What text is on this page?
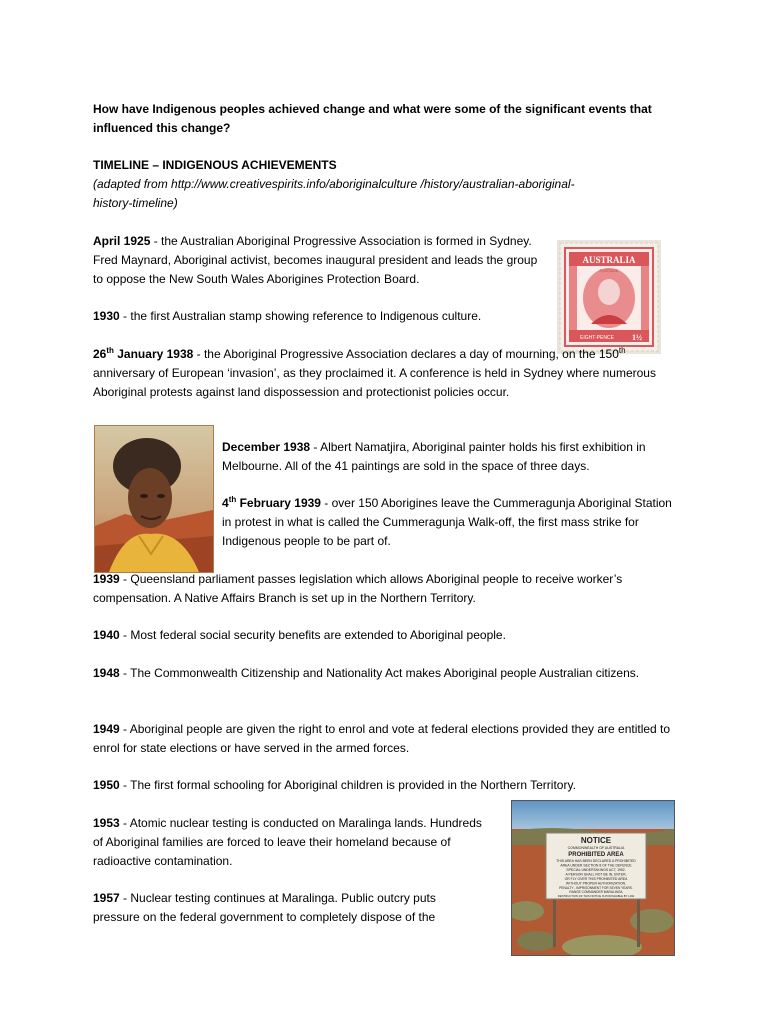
How have Indigenous peoples achieved change and what were some of the significant events that influenced this change?

TIMELINE – INDIGENOUS ACHIEVEMENTS

(adapted from http://www.creativespirits.info/aboriginalculture /history/australian-aboriginal-
history-timeline)

April 1925 - the Australian Aboriginal Progressive Association is formed in Sydney. Fred Maynard, Aboriginal activist, becomes inaugural president and leads the group to oppose the New South Wales Aborigines Protection Board.

AUSTRALIA
POSTAGE
EIGHT-PENCE 1½

1930 - the first Australian stamp showing reference to Indigenous culture.

26th January 1938 - the Aboriginal Progressive Association declares a day of mourning, on the 150th anniversary of European ‘invasion’, as they proclaimed it. A conference is held in Sydney where numerous Aboriginal protests against land dispossession and protectionist policies occur.

December 1938 - Albert Namatjira, Aboriginal painter holds his first exhibition in Melbourne. All of the 41 paintings are sold in the space of three days.

4th February 1939 - over 150 Aborigines leave the Cummeragunja Aboriginal Station in protest in what is called the Cummeragunja Walk-off, the first mass strike for Indigenous people to be part of.

1939 - Queensland parliament passes legislation which allows Aboriginal people to receive worker’s compensation. A Native Affairs Branch is set up in the Northern Territory.

1940 - Most federal social security benefits are extended to Aboriginal people.

1948 - The Commonwealth Citizenship and Nationality Act makes Aboriginal people Australian citizens.

1949 - Aboriginal people are given the right to enrol and vote at federal elections provided they are entitled to enrol for state elections or have served in the armed forces.

1950 - The first formal schooling for Aboriginal children is provided in the Northern Territory.

1953 - Atomic nuclear testing is conducted on Maralinga lands. Hundreds of Aboriginal families are forced to leave their homeland because of radioactive contamination.

1957 - Nuclear testing continues at Maralinga. Public outcry puts pressure on the federal government to completely dispose of the

NOTICE
COMMONWEALTH OF AUSTRALIA
PROHIBITED AREA
THIS AREA HAS BEEN DECLARED A PROHIBITED
AREA UNDER SECTION 8 OF THE DEFENCE
SPECIAL UNDERTAKINGS ACT, 1952.
A PERSON SHALL NOT BE IN, ENTER,
OR FLY OVER THIS PROHIBITED AREA
WITHOUT PROPER AUTHORIZATION.
PENALTY - IMPRISONMENT FOR SEVEN YEARS.
RANGE COMMANDER MARALINGA
DESTRUCTION OF THIS NOTICE IS PUNISHABLE BY LAW
